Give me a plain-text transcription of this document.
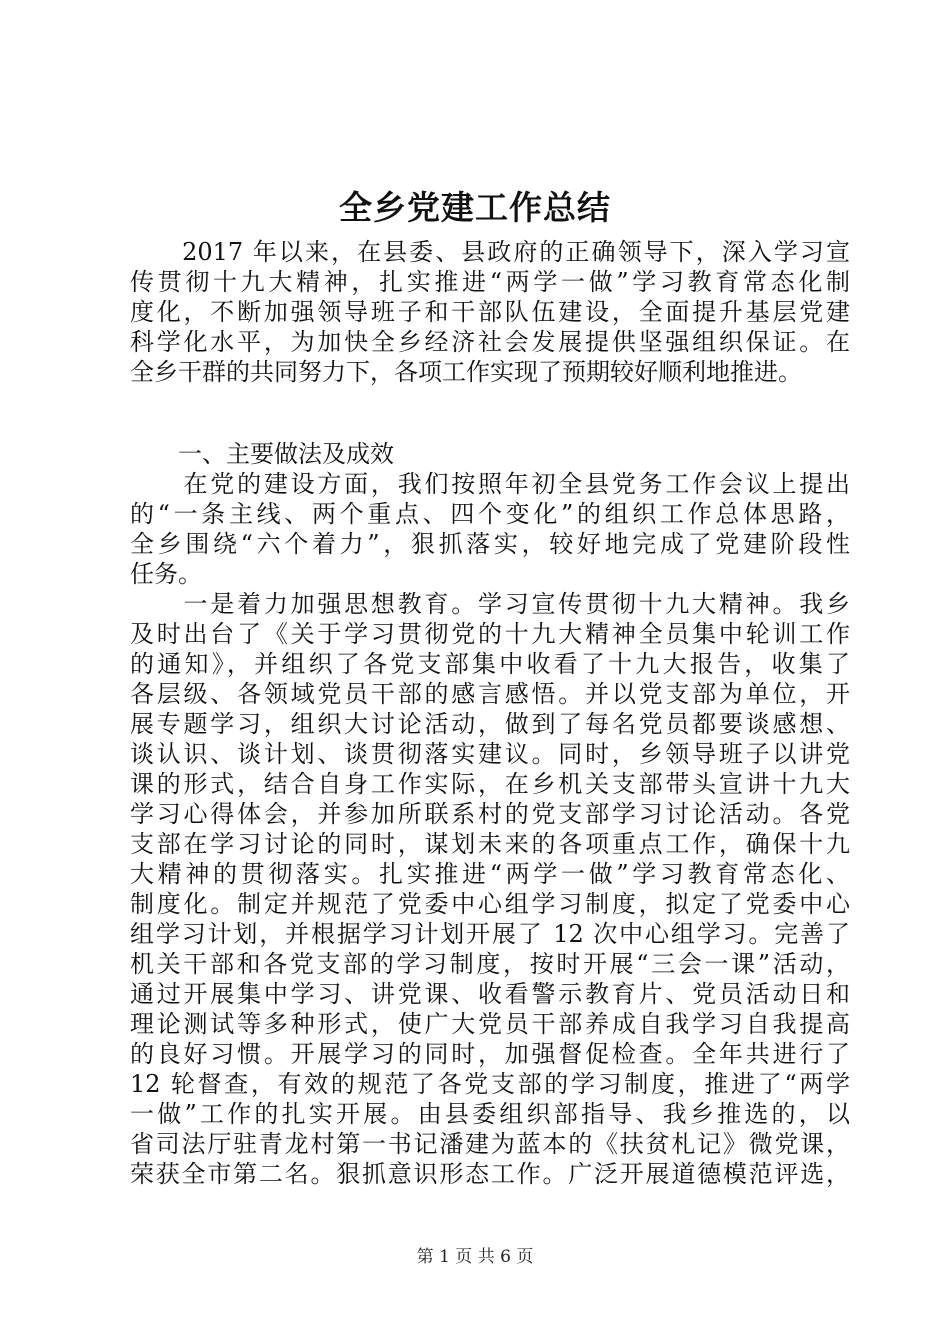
全乡党建工作总结
　　2017 年以来，在县委、县政府的正确领导下，深入学习宣
传贯彻十九大精神，扎实推进“两学一做”学习教育常态化制
度化，不断加强领导班子和干部队伍建设，全面提升基层党建
科学化水平，为加快全乡经济社会发展提供坚强组织保证。在
全乡干群的共同努力下，各项工作实现了预期较好顺利地推进。
　　一、主要做法及成效
　　在党的建设方面，我们按照年初全县党务工作会议上提出
的“一条主线、两个重点、四个变化”的组织工作总体思路，
全乡围绕“六个着力”，狠抓落实，较好地完成了党建阶段性
任务。
　　一是着力加强思想教育。学习宣传贯彻十九大精神。我乡
及时出台了《关于学习贯彻党的十九大精神全员集中轮训工作
的通知》，并组织了各党支部集中收看了十九大报告，收集了
各层级、各领域党员干部的感言感悟。并以党支部为单位，开
展专题学习，组织大讨论活动，做到了每名党员都要谈感想、
谈认识、谈计划、谈贯彻落实建议。同时，乡领导班子以讲党
课的形式，结合自身工作实际，在乡机关支部带头宣讲十九大
学习心得体会，并参加所联系村的党支部学习讨论活动。各党
支部在学习讨论的同时，谋划未来的各项重点工作，确保十九
大精神的贯彻落实。扎实推进“两学一做”学习教育常态化、
制度化。制定并规范了党委中心组学习制度，拟定了党委中心
组学习计划，并根据学习计划开展了 12 次中心组学习。完善了
机关干部和各党支部的学习制度，按时开展“三会一课”活动，
通过开展集中学习、讲党课、收看警示教育片、党员活动日和
理论测试等多种形式，使广大党员干部养成自我学习自我提高
的良好习惯。开展学习的同时，加强督促检查。全年共进行了
12 轮督查，有效的规范了各党支部的学习制度，推进了“两学
一做”工作的扎实开展。由县委组织部指导、我乡推选的，以
省司法厅驻青龙村第一书记潘建为蓝本的《扶贫札记》微党课，
荣获全市第二名。狠抓意识形态工作。广泛开展道德模范评选，
第 1 页 共 6 页
